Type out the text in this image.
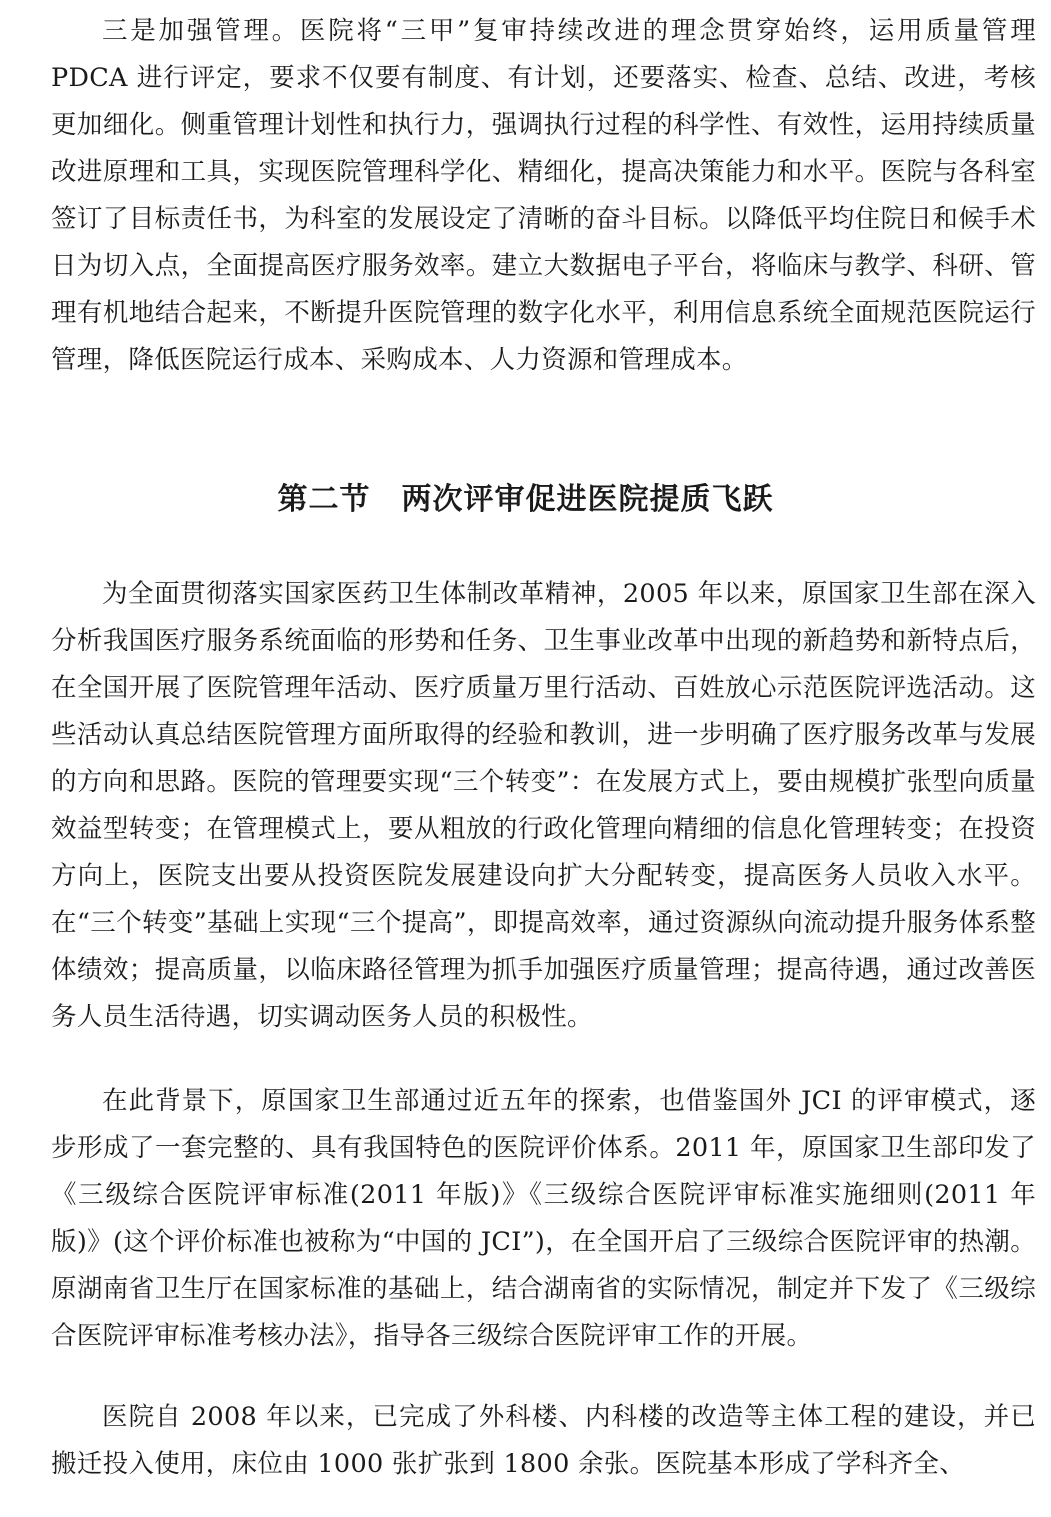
三是加强管理。医院将“三甲”复审持续改进的理念贯穿始终，运用质量管理 PDCA 进行评定，要求不仅要有制度、有计划，还要落实、检查、总结、改进，考核更加细化。侧重管理计划性和执行力，强调执行过程的科学性、有效性，运用持续质量改进原理和工具，实现医院管理科学化、精细化，提高决策能力和水平。医院与各科室签订了目标责任书，为科室的发展设定了清晰的奋斗目标。以降低平均住院日和候手术日为切入点，全面提高医疗服务效率。建立大数据电子平台，将临床与教学、科研、管理有机地结合起来，不断提升医院管理的数字化水平，利用信息系统全面规范医院运行管理，降低医院运行成本、采购成本、人力资源和管理成本。

第二节　两次评审促进医院提质飞跃

为全面贯彻落实国家医药卫生体制改革精神，2005 年以来，原国家卫生部在深入分析我国医疗服务系统面临的形势和任务、卫生事业改革中出现的新趋势和新特点后，在全国开展了医院管理年活动、医疗质量万里行活动、百姓放心示范医院评选活动。这些活动认真总结医院管理方面所取得的经验和教训，进一步明确了医疗服务改革与发展的方向和思路。医院的管理要实现“三个转变”：在发展方式上，要由规模扩张型向质量效益型转变；在管理模式上，要从粗放的行政化管理向精细的信息化管理转变；在投资方向上，医院支出要从投资医院发展建设向扩大分配转变，提高医务人员收入水平。在“三个转变”基础上实现“三个提高”，即提高效率，通过资源纵向流动提升服务体系整体绩效；提高质量，以临床路径管理为抓手加强医疗质量管理；提高待遇，通过改善医务人员生活待遇，切实调动医务人员的积极性。

在此背景下，原国家卫生部通过近五年的探索，也借鉴国外 JCI 的评审模式，逐步形成了一套完整的、具有我国特色的医院评价体系。2011 年，原国家卫生部印发了《三级综合医院评审标准(2011 年版)》《三级综合医院评审标准实施细则(2011 年版)》(这个评价标准也被称为“中国的 JCI”)，在全国开启了三级综合医院评审的热潮。原湖南省卫生厅在国家标准的基础上，结合湖南省的实际情况，制定并下发了《三级综合医院评审标准考核办法》，指导各三级综合医院评审工作的开展。

医院自 2008 年以来，已完成了外科楼、内科楼的改造等主体工程的建设，并已搬迁投入使用，床位由 1000 张扩张到 1800 余张。医院基本形成了学科齐全、
